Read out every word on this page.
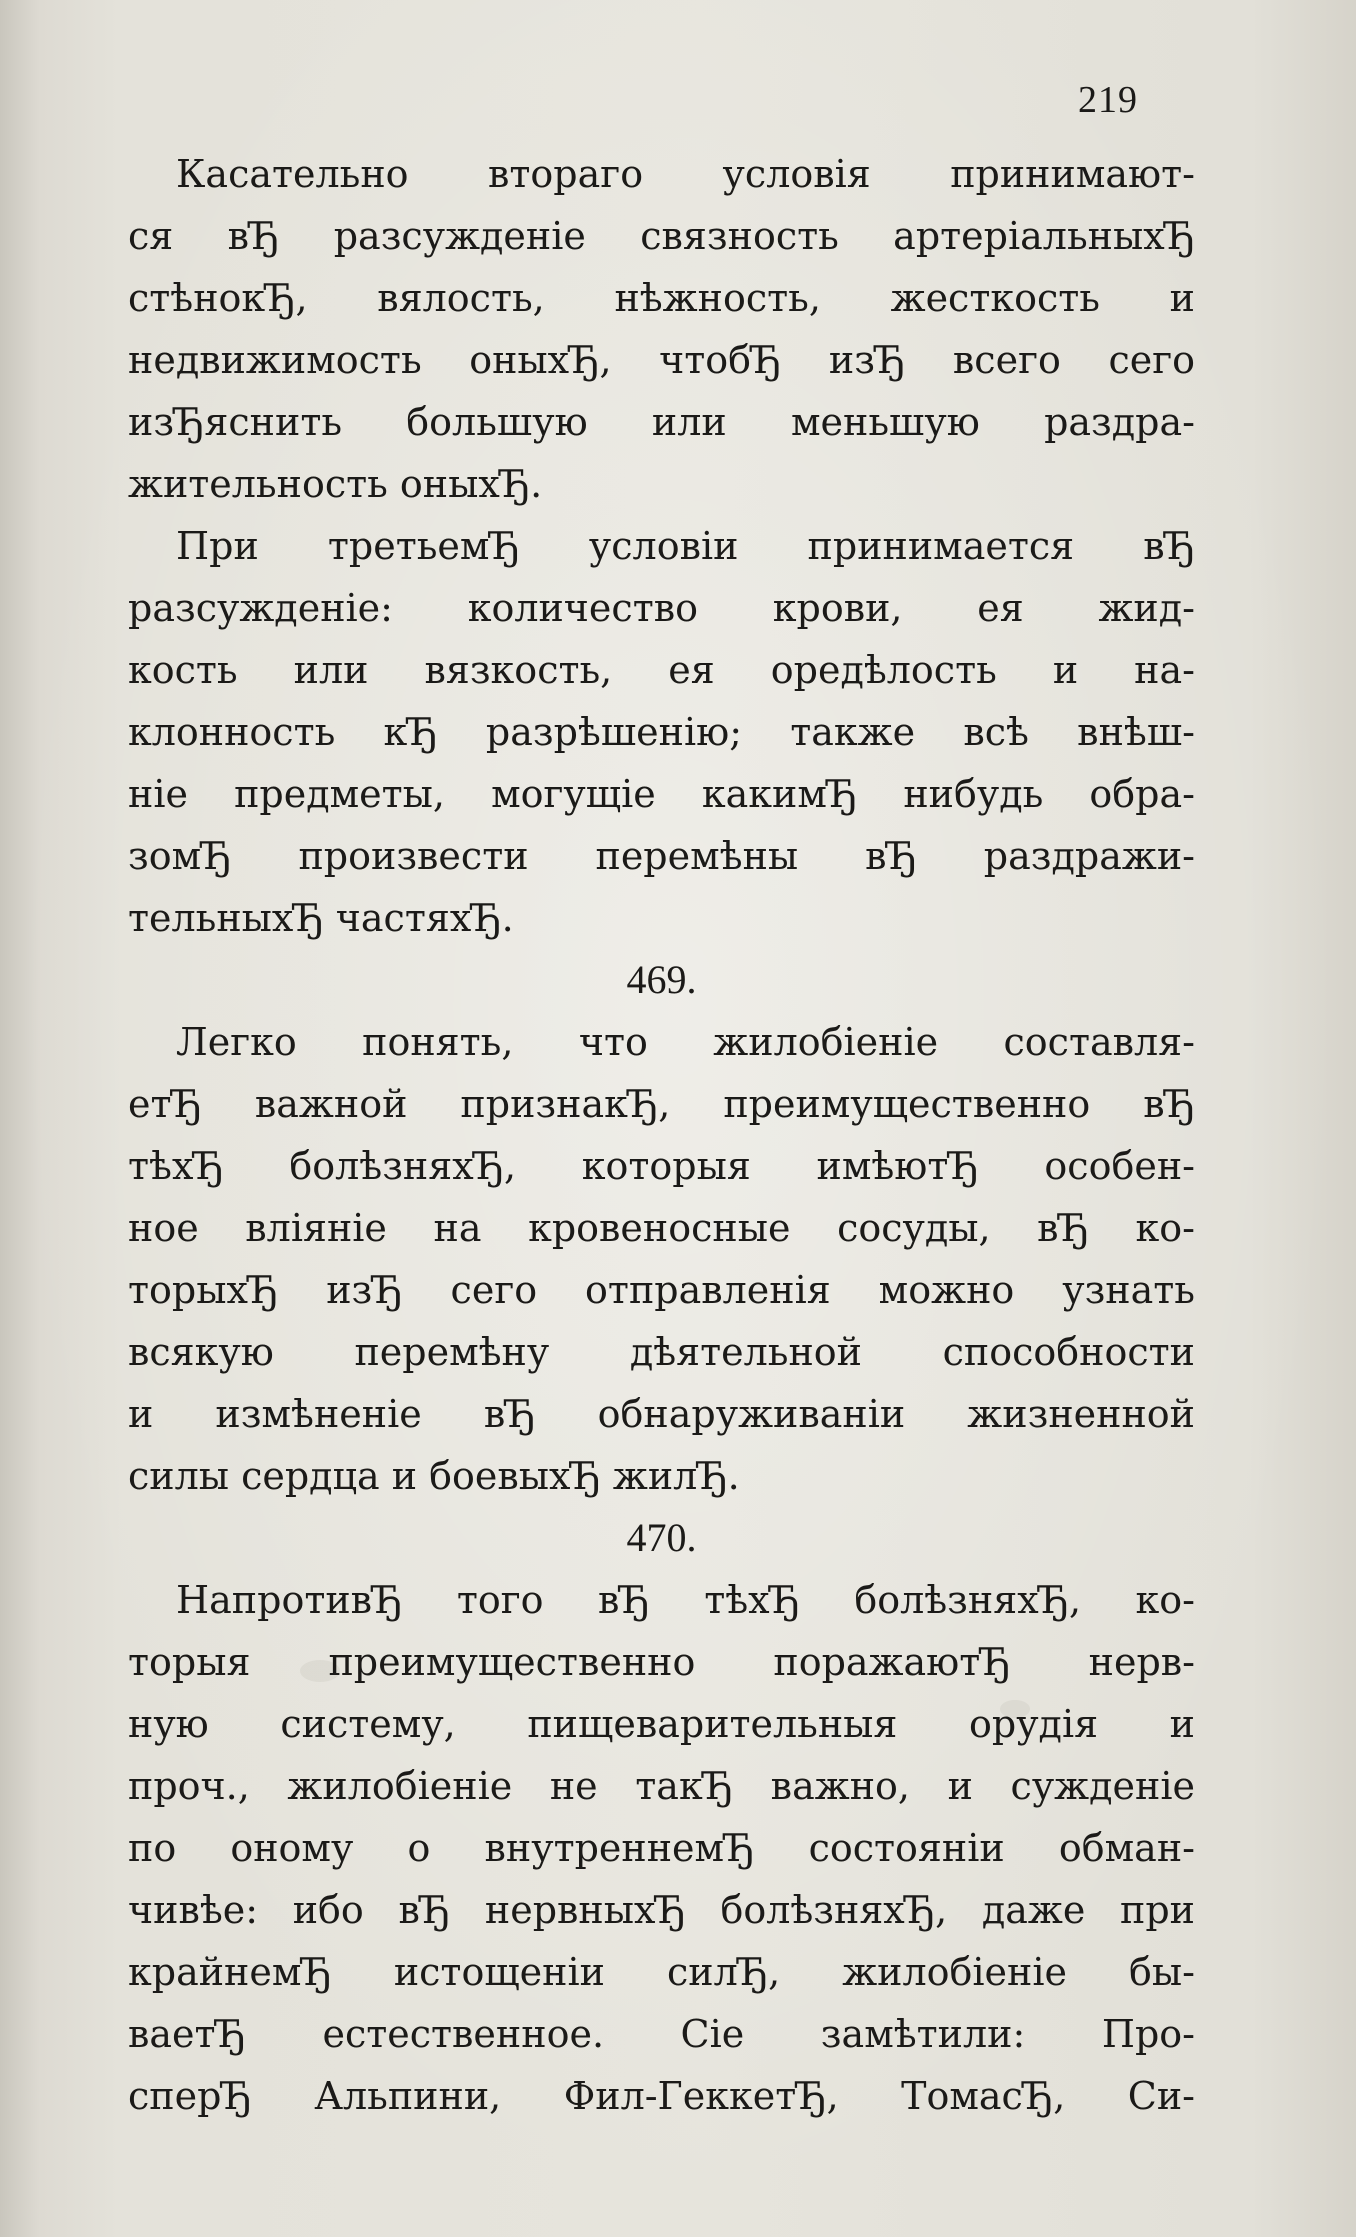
219
Касательно втораго условія принимают-
ся вЂ разсужденіе связность артеріальныхЂ
стѣнокЂ, вялость, нѣжность, жесткость и
недвижимость оныхЂ, чтобЂ изЂ всего сего
изЂяснить большую или меньшую раздра-
жительность оныхЂ.
При третьемЂ условіи принимается вЂ
разсужденіе: количество крови, ея жид-
кость или вязкость, ея оредѣлость и на-
клонность кЂ разрѣшенію; также всѣ внѣш-
ніе предметы, могущіе какимЂ нибудь обра-
зомЂ произвести перемѣны вЂ раздражи-
тельныхЂ частяхЂ.
469.
Легко понять, что жилобіеніе составля-
етЂ важной признакЂ, преимущественно вЂ
тѣхЂ болѣзняхЂ, которыя имѣютЂ особен-
ное вліяніе на кровеносные сосуды, вЂ ко-
торыхЂ изЂ сего отправленія можно узнать
всякую перемѣну дѣятельной способности
и измѣненіе вЂ обнаруживаніи жизненной
силы сердца и боевыхЂ жилЂ.
470.
НапротивЂ того вЂ тѣхЂ болѣзняхЂ, ко-
торыя преимущественно поражаютЂ нерв-
ную систему, пищеварительныя орудія и
проч., жилобіеніе не такЂ важно, и сужденіе
по оному о внутреннемЂ состояніи обман-
чивѣе: ибо вЂ нервныхЂ болѣзняхЂ, даже при
крайнемЂ истощеніи силЂ, жилобіеніе бы-
ваетЂ естественное. Сіе замѣтили: Про-
сперЂ Альпини, Фил-ГеккетЂ, ТомасЂ, Си-
